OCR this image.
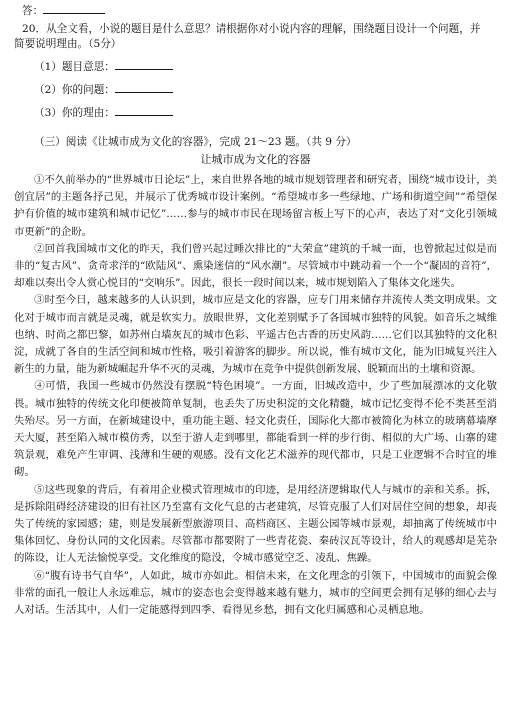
答：
20．从全文看，小说的题目是什么意思？请根据你对小说内容的理解，围绕题目设计一个问题，并
简要说明理由。（5分）
（1）题目意思：
（2）你的问题：
（3）你的理由：
（三）阅读《让城市成为文化的容器》，完成 21～23 题。（共 9 分）
让城市成为文化的容器

①不久前举办的“世界城市日论坛”上，来自世界各地的城市规划管理者和研究者，围绕“城市设计，美创宜居”的主题各抒己见，并展示了优秀城市设计案例。“希望城市多一些绿地、广场和街道空间”“希望保护有价值的城市建筑和城市记忆”……参与的城市市民在现场留言板上写下的心声，表达了对“文化引领城市更新”的企盼。

②回首我国城市文化的昨天，我们曾兴起过睡次排比的“大荣盒”建筑的千城一面，也曾掀起过似是而非的“复古风”、贪奇求洋的“欧陆风”、熏染迷信的“风水潮”。尽管城市中跳动着一个一个“凝固的音符”，却难以奏出令人赏心悦目的“交响乐”。因此，很长一段时间以来，城市规划陷入了集体文化迷失。

③时至今日，越来越多的人认识到，城市应是文化的容器，应专门用来储存并流传人类文明成果。文化对于城市而言就是灵魂，就是软实力。放眼世界，文化差别赋予了各国城市独特的风貌。如音乐之城维也纳、时尚之都巴黎，如苏州白墙灰瓦的城市色彩、平遥古色古香的历史风韵……它们以其独特的文化积淀，成就了各自的生活空间和城市性格，吸引着游客的脚步。所以说，惟有城市文化，能为旧城复兴注入新生的力量，能为新城崛起升华不灭的灵魂，为城市在竞争中提供创新发展、脱颖而出的土壤和资源。

④可惜，我国一些城市仍然没有摆脱“特色困境”。一方面，旧城改造中，少了些加展漂冰的文化敬畏。城市独特的传统文化印便被简单复制，也丢失了历史积淀的文化精髓，城市记忆变得不伦不类甚至消失殆尽。另一方面，在新城建设中，重功能主题、轻文化责任，国际化大都市被简化为林立的玻璃幕墙摩天大厦，甚至陷入城市模仿秀，以至于游人走到哪里，都能看到一样的步行街、相似的大广场、山寨的建筑景观，难免产生审调、浅薄和生硬的观感。没有文化艺术滋养的现代都市，只是工业逻辑不合时宜的堆砌。

⑤这些现象的背后，有着用企业模式管理城市的印迹，是用经济逻辑取代人与城市的亲和关系。拆，是拆除阻碍经济建设的旧有社区乃至富有文化气息的古老建筑，尽管克服了人们对居住空间的想象，却丧失了传统的家园感；建，则是发展新型旅游项目、高档商区、主题公园等城市景观，却抽离了传统城市中集体回忆、身份认同的文化因素。尽管都市都要附了一些青花瓷、秦砖汉瓦等设计，给人的观感却是芜杂的陈设，让人无法愉悦享受。文化维度的隐没，令城市感觉空乏、凌乱、焦躁。

⑥“腹有诗书气自华”，人如此，城市亦如此。相信未来，在文化理念的引领下，中国城市的面貌会像非常的面孔一般让人永远难忘，城市的姿态也会变得越来越有魅力，城市的空间更会拥有足够的细心去与人对话。生活其中，人们一定能感得到四季、看得见乡愁，拥有文化归属感和心灵栖息地。
